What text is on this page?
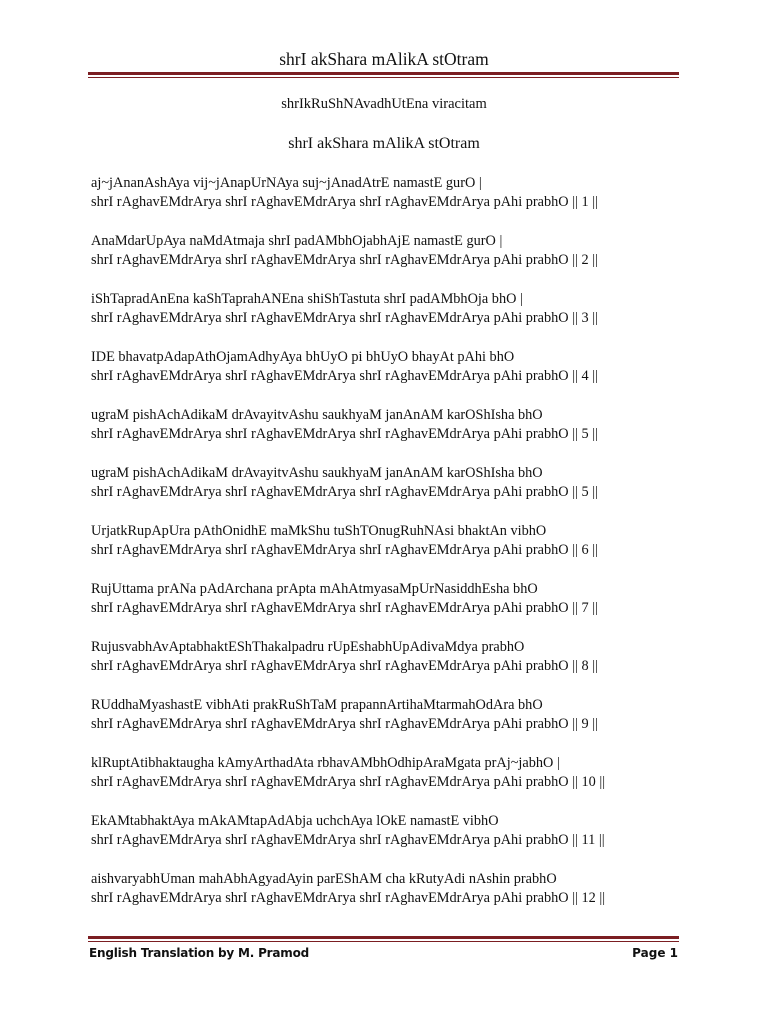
shrI akShara mAlikA stOtram
shrIkRuShNAvadhUtEna viracitam
shrI akShara mAlikA stOtram
aj~jAnanAshAya vij~jAnapUrNAya suj~jAnadAtrE namastE gurO |
shrI rAghavEMdrArya shrI rAghavEMdrArya shrI rAghavEMdrArya pAhi prabhO || 1 ||
AnaMdarUpAya naMdAtmaja shrI padAMbhOjabhAjE namastE gurO |
shrI rAghavEMdrArya shrI rAghavEMdrArya shrI rAghavEMdrArya pAhi prabhO || 2 ||
iShTapradAnEna kaShTaprahANEna shiShTastuta shrI padAMbhOja bhO |
shrI rAghavEMdrArya shrI rAghavEMdrArya shrI rAghavEMdrArya pAhi prabhO || 3 ||
IDE bhavatpAdapAthOjamAdhyAya bhUyO pi bhUyO bhayAt pAhi bhO
shrI rAghavEMdrArya shrI rAghavEMdrArya shrI rAghavEMdrArya pAhi prabhO || 4 ||
ugraM pishAchAdikaM drAvayitvAshu saukhyaM janAnAM karOShIsha bhO
shrI rAghavEMdrArya shrI rAghavEMdrArya shrI rAghavEMdrArya pAhi prabhO || 5 ||
ugraM pishAchAdikaM drAvayitvAshu saukhyaM janAnAM karOShIsha bhO
shrI rAghavEMdrArya shrI rAghavEMdrArya shrI rAghavEMdrArya pAhi prabhO || 5 ||
UrjatkRupApUra pAthOnidhE maMkShu tuShTOnugRuhNAsi bhaktAn vibhO
shrI rAghavEMdrArya shrI rAghavEMdrArya shrI rAghavEMdrArya pAhi prabhO || 6 ||
RujUttama prANa pAdArchana prApta mAhAtmyasaMpUrNasiddhEsha bhO
shrI rAghavEMdrArya shrI rAghavEMdrArya shrI rAghavEMdrArya pAhi prabhO || 7 ||
RujusvabhAvAptabhaktEShThakalpadru rUpEshabhUpAdivaMdya prabhO
shrI rAghavEMdrArya shrI rAghavEMdrArya shrI rAghavEMdrArya pAhi prabhO || 8 ||
RUddhaMyashastE vibhAti prakRuShTaM prapannArtihaMtarmahOdAra bhO
shrI rAghavEMdrArya shrI rAghavEMdrArya shrI rAghavEMdrArya pAhi prabhO || 9 ||
klRuptAtibhaktaugha kAmyArthadAta rbhavAMbhOdhipAraMgata prAj~jabhO |
shrI rAghavEMdrArya shrI rAghavEMdrArya shrI rAghavEMdrArya pAhi prabhO || 10 ||
EkAMtabhaktAya mAkAMtapAdAbja uchchAya lOkE namastE vibhO
shrI rAghavEMdrArya shrI rAghavEMdrArya shrI rAghavEMdrArya pAhi prabhO || 11 ||
aishvaryabhUman mahAbhAgyadAyin parEShAM cha kRutyAdi nAshin prabhO
shrI rAghavEMdrArya shrI rAghavEMdrArya shrI rAghavEMdrArya pAhi prabhO || 12 ||
English Translation by M. Pramod	Page 1
